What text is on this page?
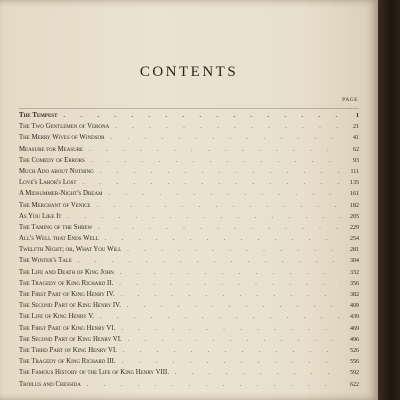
CONTENTS
PAGE
The Tempest . . .	1
The Two Gentlemen of Verona . . .	21
The Merry Wives of Windsor . . .	41
Measure for Measure . . .	62
The Comedy of Errors . . .	93
Much Ado about Nothing . . .	111
Love's Labor's Lost . . .	135
A Midsummer-Night's Dream . . .	161
The Merchant of Venice . . .	182
As You Like It . . .	205
The Taming of the Shrew . . .	229
All's Well that Ends Well . . .	254
Twelfth Night; or, What You Will . . .	281
The Winter's Tale . . .	304
The Life and Death of King John . . .	332
The Tragedy of King Richard II. . . .	356
The First Part of King Henry IV. . . .	382
The Second Part of King Henry IV. . . .	409
The Life of King Henry V. . . .	439
The First Part of King Henry VI. . . .	469
The Second Part of King Henry VI. . . .	496
The Third Part of King Henry VI. . . .	526
The Tragedy of King Richard III. . . .	556
The Famous History of the Life of King Henry VIII. . . .	592
Troilus and Cressida . . .	622
